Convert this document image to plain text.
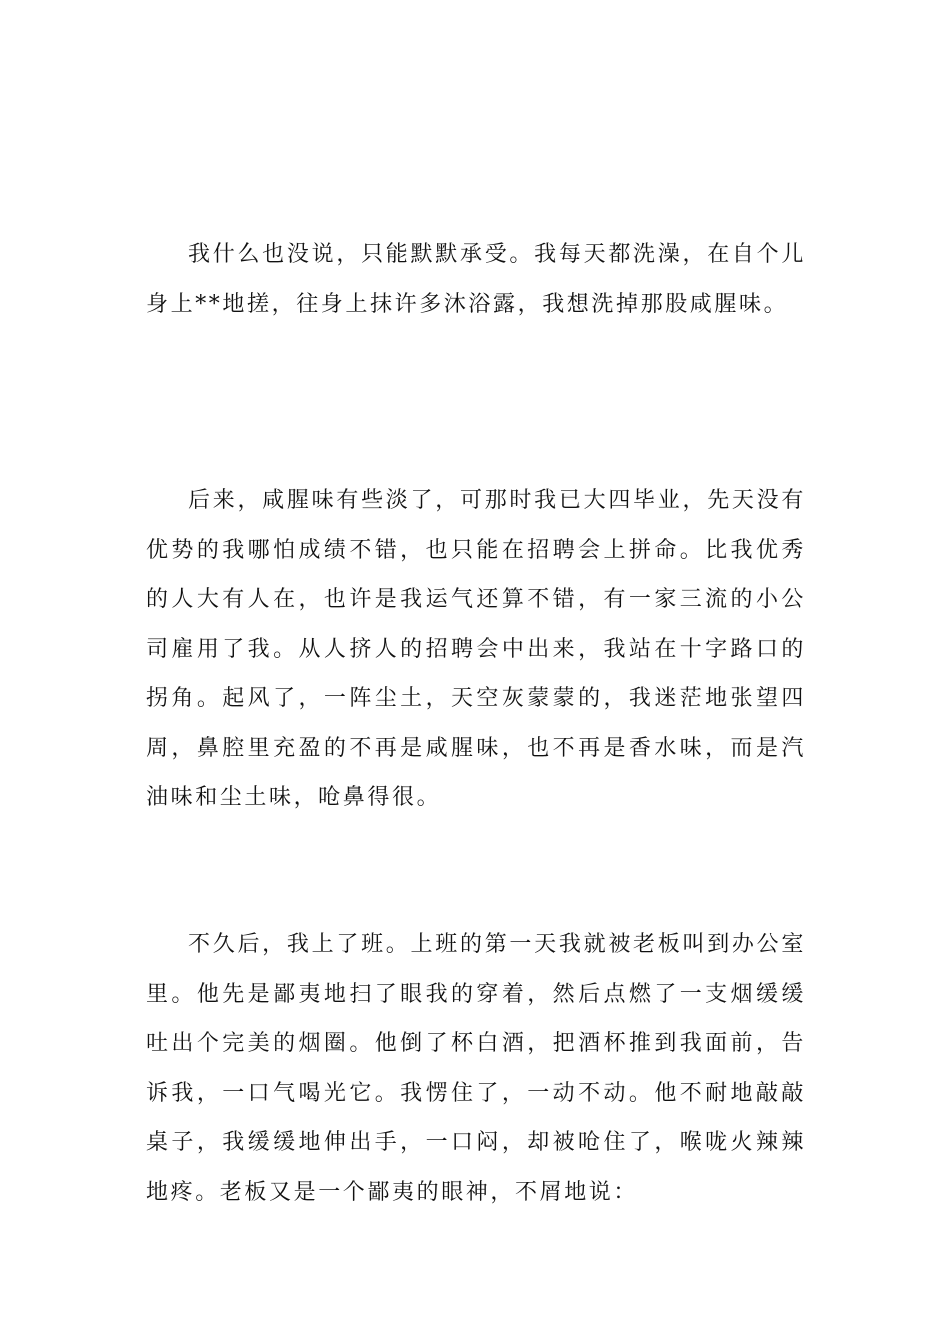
我什么也没说，只能默默承受。我每天都洗澡，在自个儿身上**地搓，往身上抹许多沐浴露，我想洗掉那股咸腥味。

后来，咸腥味有些淡了，可那时我已大四毕业，先天没有优势的我哪怕成绩不错，也只能在招聘会上拼命。比我优秀的人大有人在，也许是我运气还算不错，有一家三流的小公司雇用了我。从人挤人的招聘会中出来，我站在十字路口的拐角。起风了，一阵尘土，天空灰蒙蒙的，我迷茫地张望四周，鼻腔里充盈的不再是咸腥味，也不再是香水味，而是汽油味和尘土味，呛鼻得很。

不久后，我上了班。上班的第一天我就被老板叫到办公室里。他先是鄙夷地扫了眼我的穿着，然后点燃了一支烟缓缓吐出个完美的烟圈。他倒了杯白酒，把酒杯推到我面前，告诉我，一口气喝光它。我愣住了，一动不动。他不耐地敲敲桌子，我缓缓地伸出手，一口闷，却被呛住了，喉咙火辣辣地疼。老板又是一个鄙夷的眼神，不屑地说：
